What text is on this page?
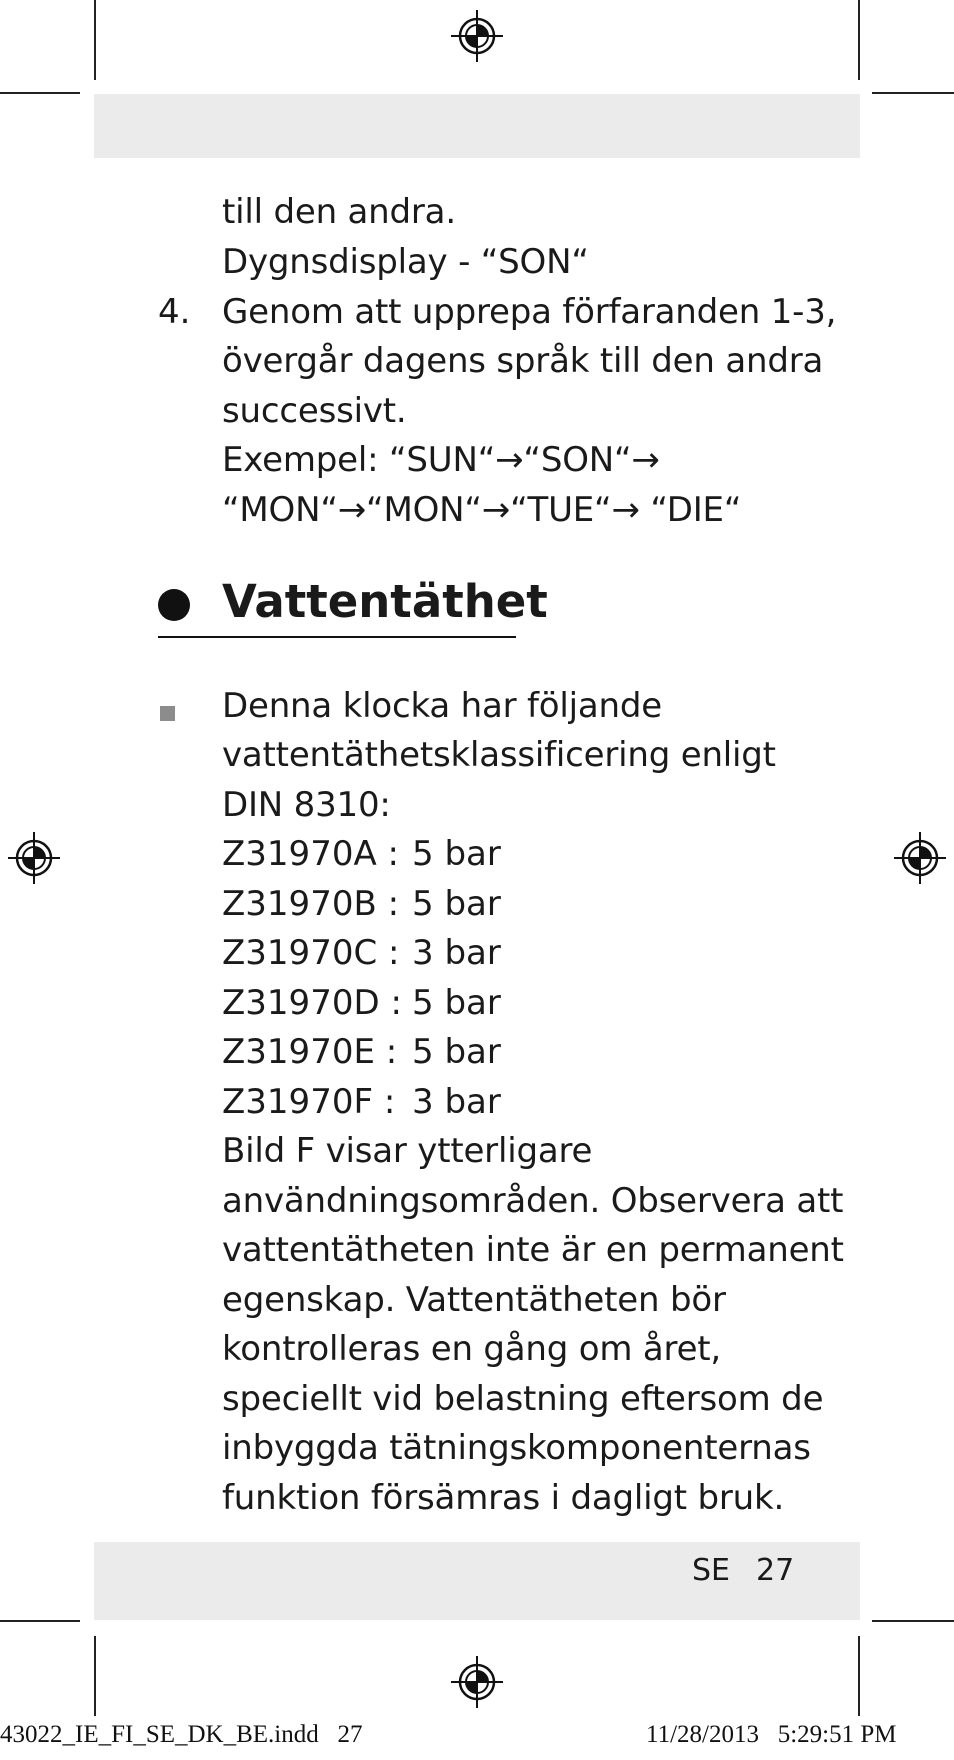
till den andra.
Dygnsdisplay - “SON“
4. Genom att upprepa förfaranden 1-3,
övergår dagens språk till den andra
successivt.
Exempel: “SUN“→“SON“→
“MON“→“MON“→“TUE“→ “DIE“
Vattentäthet
Denna klocka har följande
vattentäthetsklassificering enligt
DIN 8310:
Z31970A : 5 bar
Z31970B : 5 bar
Z31970C : 3 bar
Z31970D : 5 bar
Z31970E : 5 bar
Z31970F : 3 bar
Bild F visar ytterligare
användningsområden. Observera att
vattentätheten inte är en permanent
egenskap. Vattentätheten bör
kontrolleras en gång om året,
speciellt vid belastning eftersom de
inbyggda tätningskomponenternas
funktion försämras i dagligt bruk.
SE 27
43022_IE_FI_SE_DK_BE.indd   27	11/28/2013   5:29:51 PM
